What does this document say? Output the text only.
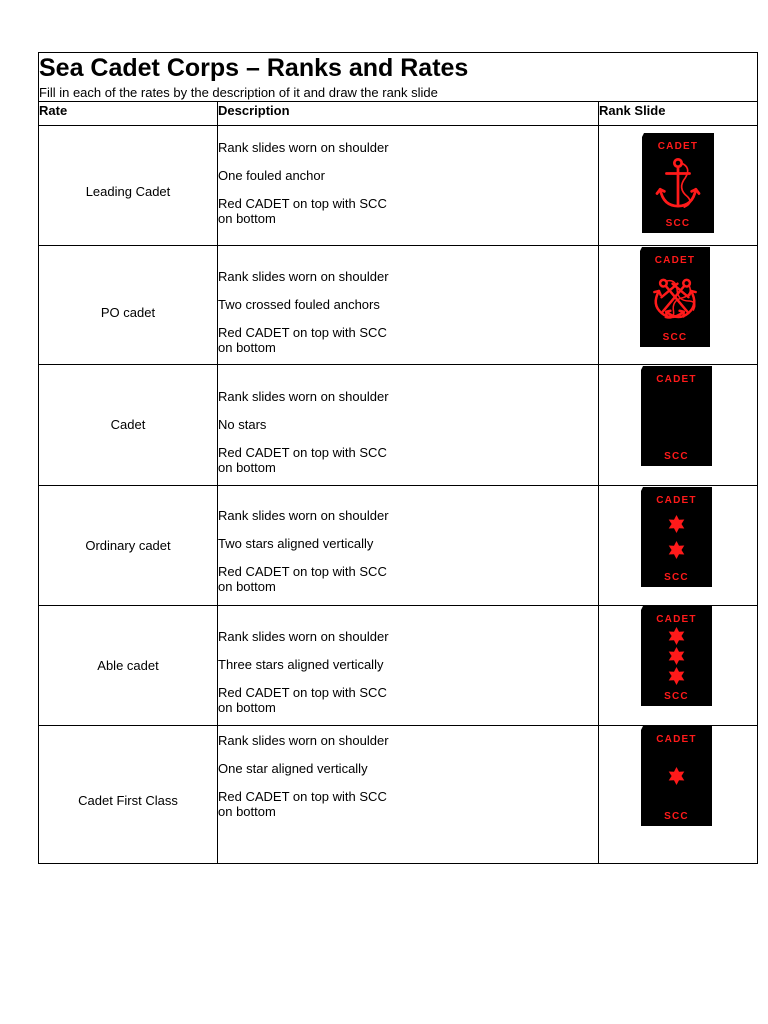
Sea Cadet Corps – Ranks and Rates
Fill in each of the rates by the description of it and draw the rank slide
Rate	Description	Rank Slide
Leading Cadet
Rank slides worn on shoulder
One fouled anchor
Red CADET on top with SCC
on bottom
CADET
SCC
PO cadet
Rank slides worn on shoulder
Two crossed fouled anchors
Red CADET on top with SCC
on bottom
CADET
SCC
Cadet
Rank slides worn on shoulder
No stars
Red CADET on top with SCC
on bottom
CADET
SCC
Ordinary cadet
Rank slides worn on shoulder
Two stars aligned vertically
Red CADET on top with SCC
on bottom
CADET
SCC
Able cadet
Rank slides worn on shoulder
Three stars aligned vertically
Red CADET on top with SCC
on bottom
CADET
SCC
Cadet First Class
Rank slides worn on shoulder
One star aligned vertically
Red CADET on top with SCC
on bottom
CADET
SCC
